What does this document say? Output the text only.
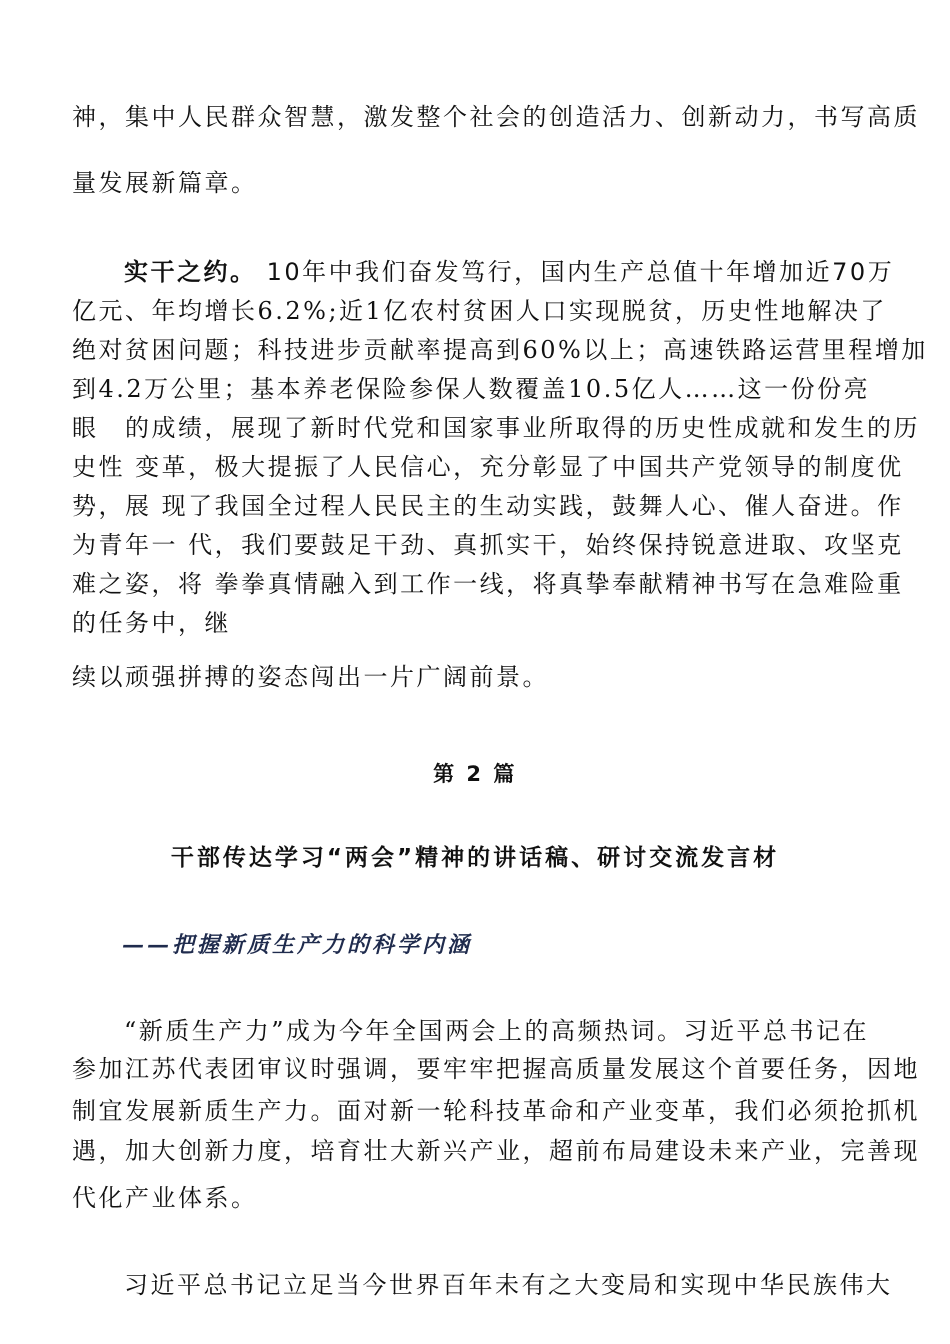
神，集中人民群众智慧，激发整个社会的创造活力、创新动力，书写高质
量发展新篇章。
实干之约。 10年中我们奋发笃行，国内生产总值十年增加近70万
亿元、年均增长6.2%;近1亿农村贫困人口实现脱贫，历史性地解决了
绝对贫困问题；科技进步贡献率提高到60%以上；高速铁路运营里程增加
到4.2万公里；基本养老保险参保人数覆盖10.5亿人……这一份份亮
眼　的成绩，展现了新时代党和国家事业所取得的历史性成就和发生的历
史性 变革，极大提振了人民信心，充分彰显了中国共产党领导的制度优
势，展 现了我国全过程人民民主的生动实践，鼓舞人心、催人奋进。作
为青年一 代，我们要鼓足干劲、真抓实干，始终保持锐意进取、攻坚克
难之姿，将 拳拳真情融入到工作一线，将真挚奉献精神书写在急难险重
的任务中，继
续以顽强拼搏的姿态闯出一片广阔前景。
第 2 篇
干部传达学习“两会”精神的讲话稿、研讨交流发言材
——把握新质生产力的科学内涵
“新质生产力”成为今年全国两会上的高频热词。习近平总书记在
参加江苏代表团审议时强调，要牢牢把握高质量发展这个首要任务，因地
制宜发展新质生产力。面对新一轮科技革命和产业变革，我们必须抢抓机
遇，加大创新力度，培育壮大新兴产业，超前布局建设未来产业，完善现
代化产业体系。
习近平总书记立足当今世界百年未有之大变局和实现中华民族伟大
